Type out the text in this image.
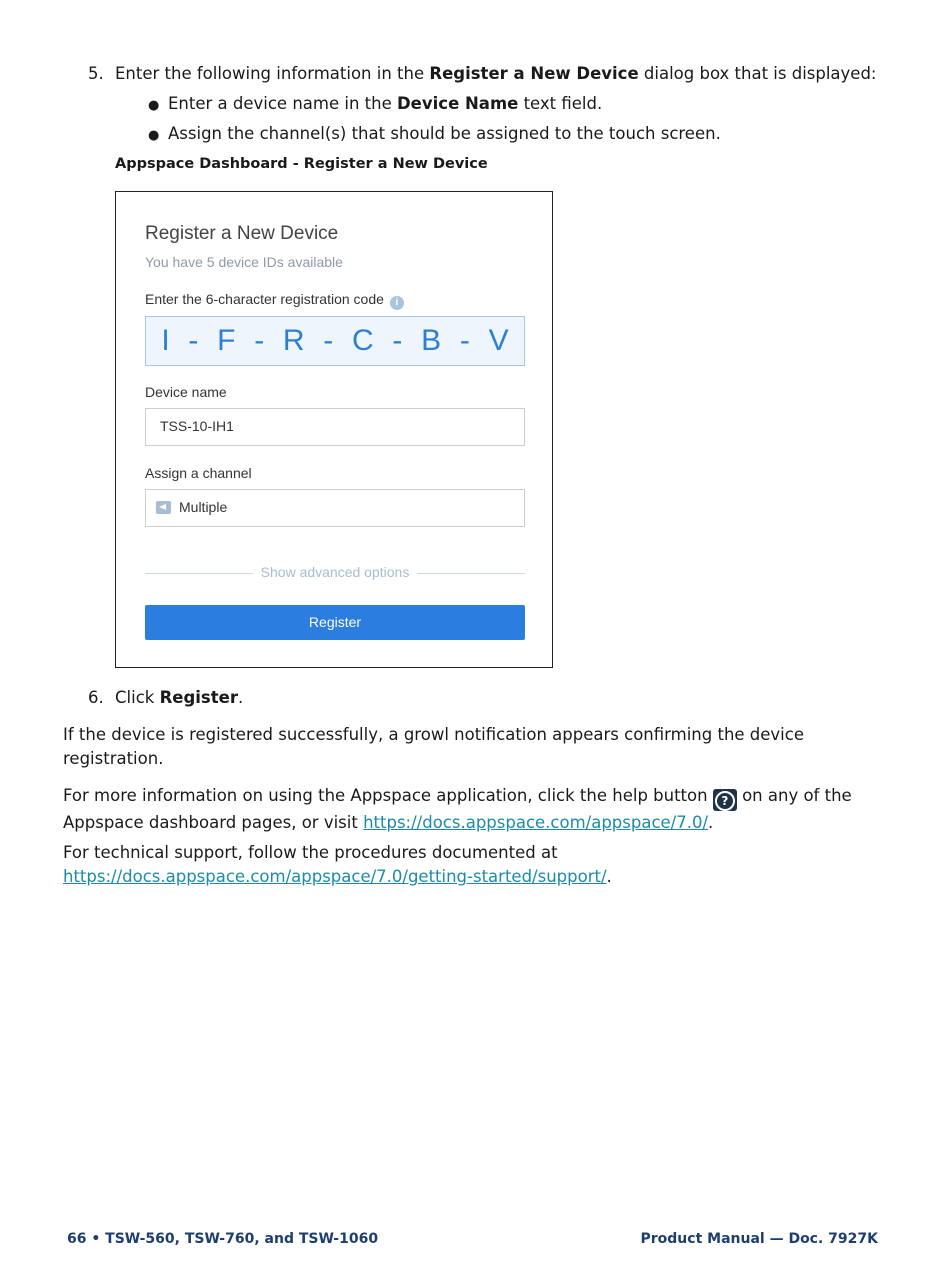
5. Enter the following information in the Register a New Device dialog box that is displayed:
● Enter a device name in the Device Name text field.
● Assign the channel(s) that should be assigned to the touch screen.
Appspace Dashboard - Register a New Device
Register a New Device
You have 5 device IDs available
Enter the 6-character registration code i
I - F - R - C - B - V
Device name
TSS-10-IH1
Assign a channel
Multiple
Show advanced options
Register
6. Click Register.
If the device is registered successfully, a growl notification appears confirming the device registration.
For more information on using the Appspace application, click the help button ? on any of the Appspace dashboard pages, or visit https://docs.appspace.com/appspace/7.0/.
For technical support, follow the procedures documented at
https://docs.appspace.com/appspace/7.0/getting-started/support/.
66 • TSW-560, TSW-760, and TSW-1060	Product Manual — Doc. 7927K
